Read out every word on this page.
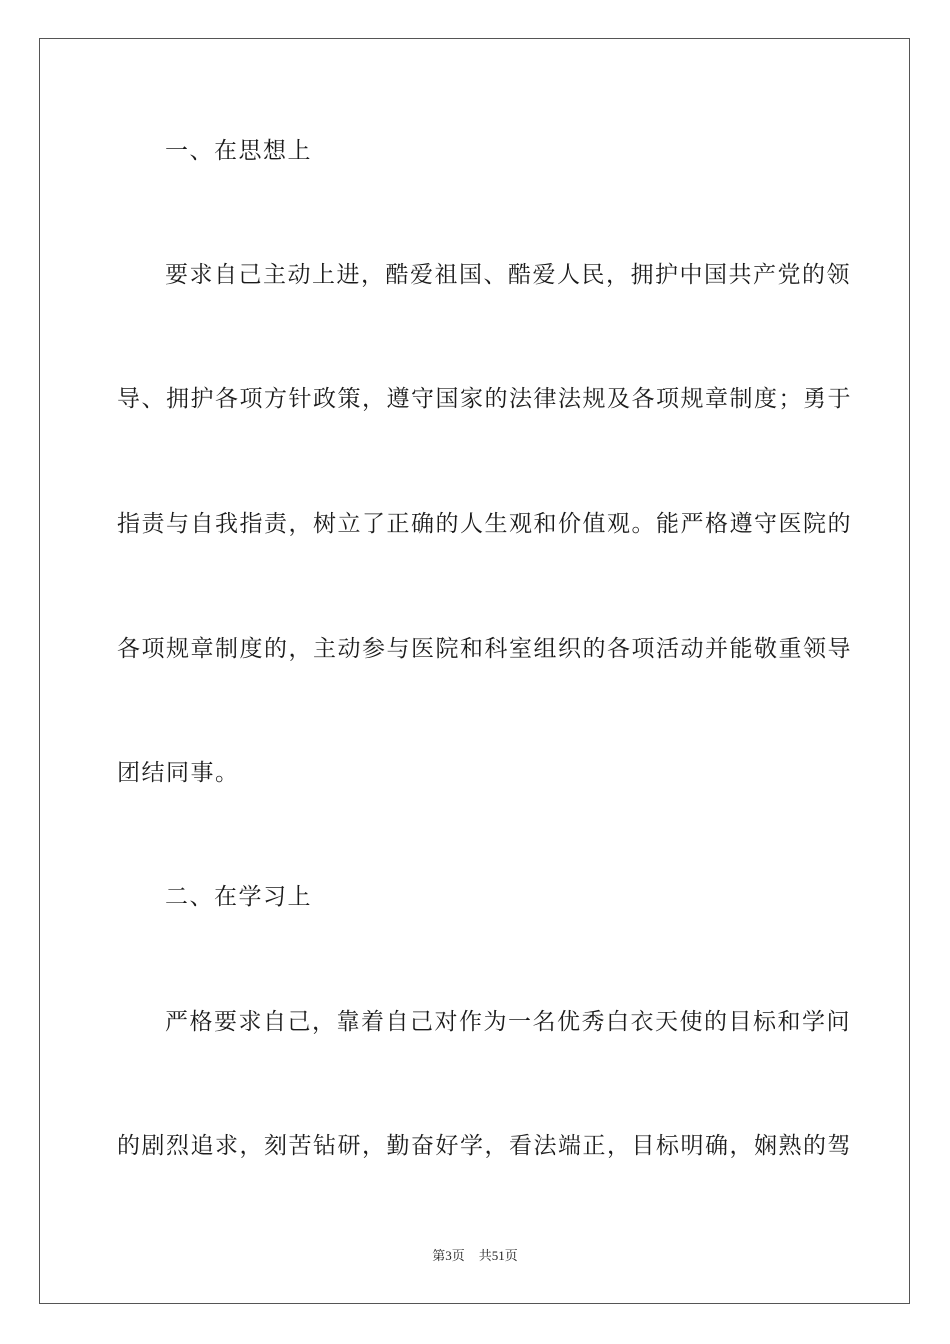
一、在思想上
要求自己主动上进，酷爱祖国、酷爱人民，拥护中国共产党的领
导、拥护各项方针政策，遵守国家的法律法规及各项规章制度；勇于
指责与自我指责，树立了正确的人生观和价值观。能严格遵守医院的
各项规章制度的，主动参与医院和科室组织的各项活动并能敬重领导
团结同事。
二、在学习上
严格要求自己，靠着自己对作为一名优秀白衣天使的目标和学问
的剧烈追求，刻苦钻研，勤奋好学，看法端正，目标明确，娴熟的驾
第3页 共51页
